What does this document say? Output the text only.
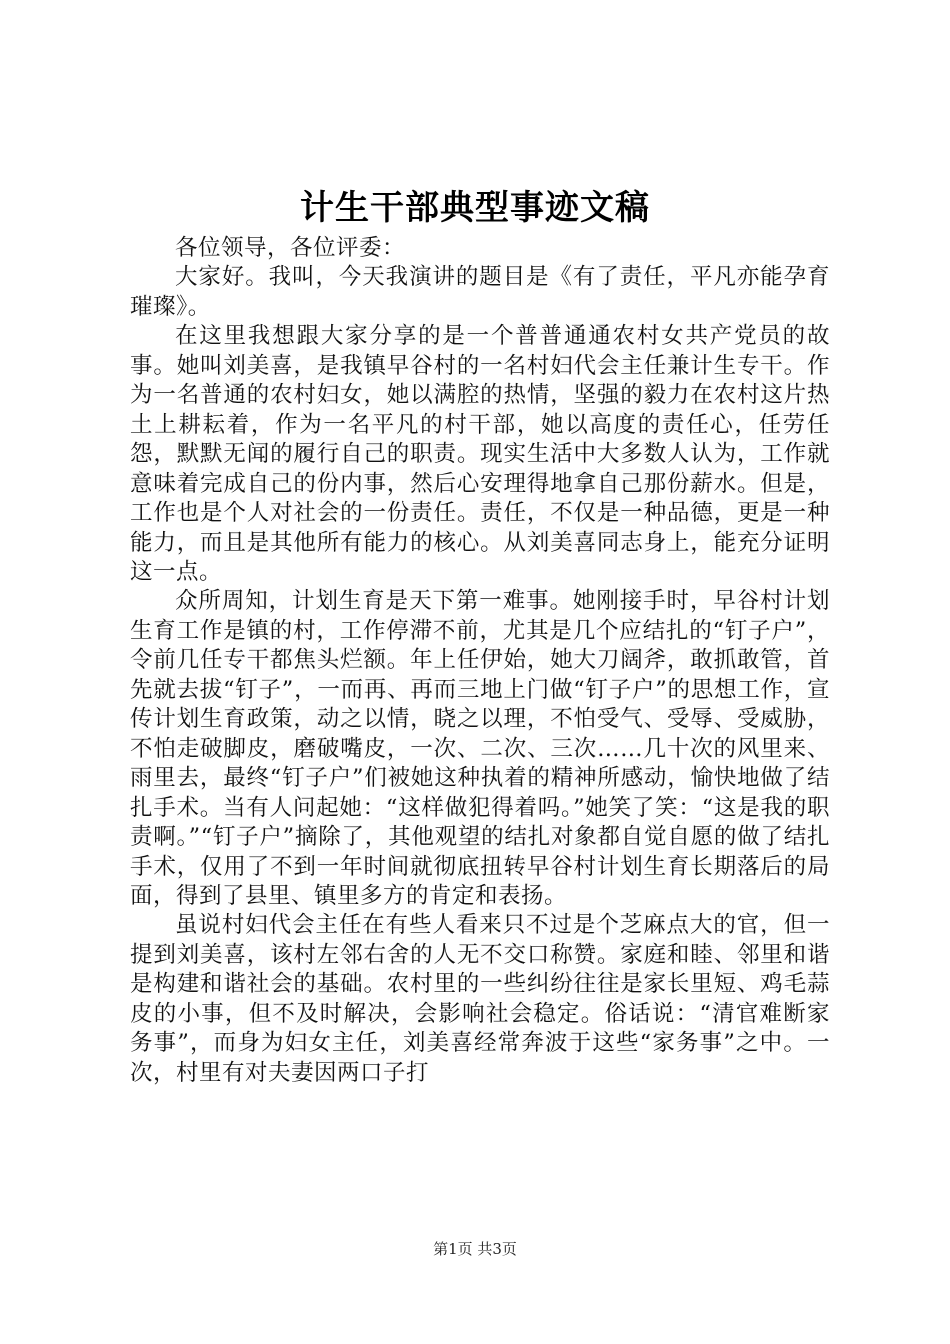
计生干部典型事迹文稿

各位领导，各位评委：

大家好。我叫，今天我演讲的题目是《有了责任，平凡亦能孕育璀璨》。

在这里我想跟大家分享的是一个普普通通农村女共产党员的故事。她叫刘美喜，是我镇早谷村的一名村妇代会主任兼计生专干。作为一名普通的农村妇女，她以满腔的热情，坚强的毅力在农村这片热土上耕耘着，作为一名平凡的村干部，她以高度的责任心，任劳任怨，默默无闻的履行自己的职责。现实生活中大多数人认为，工作就意味着完成自己的份内事，然后心安理得地拿自己那份薪水。但是，工作也是个人对社会的一份责任。责任，不仅是一种品德，更是一种能力，而且是其他所有能力的核心。从刘美喜同志身上，能充分证明这一点。

众所周知，计划生育是天下第一难事。她刚接手时，早谷村计划生育工作是镇的村，工作停滞不前，尤其是几个应结扎的“钉子户”，令前几任专干都焦头烂额。年上任伊始，她大刀阔斧，敢抓敢管，首先就去拔“钉子”，一而再、再而三地上门做“钉子户”的思想工作，宣传计划生育政策，动之以情，晓之以理，不怕受气、受辱、受威胁，不怕走破脚皮，磨破嘴皮，一次、二次、三次……几十次的风里来、雨里去，最终“钉子户”们被她这种执着的精神所感动，愉快地做了结扎手术。当有人问起她：“这样做犯得着吗。”她笑了笑：“这是我的职责啊。”“钉子户”摘除了，其他观望的结扎对象都自觉自愿的做了结扎手术，仅用了不到一年时间就彻底扭转早谷村计划生育长期落后的局面，得到了县里、镇里多方的肯定和表扬。

虽说村妇代会主任在有些人看来只不过是个芝麻点大的官，但一提到刘美喜，该村左邻右舍的人无不交口称赞。家庭和睦、邻里和谐是构建和谐社会的基础。农村里的一些纠纷往往是家长里短、鸡毛蒜皮的小事，但不及时解决，会影响社会稳定。俗话说：“清官难断家务事”，而身为妇女主任，刘美喜经常奔波于这些“家务事”之中。一次，村里有对夫妻因两口子打

第1页 共3页
